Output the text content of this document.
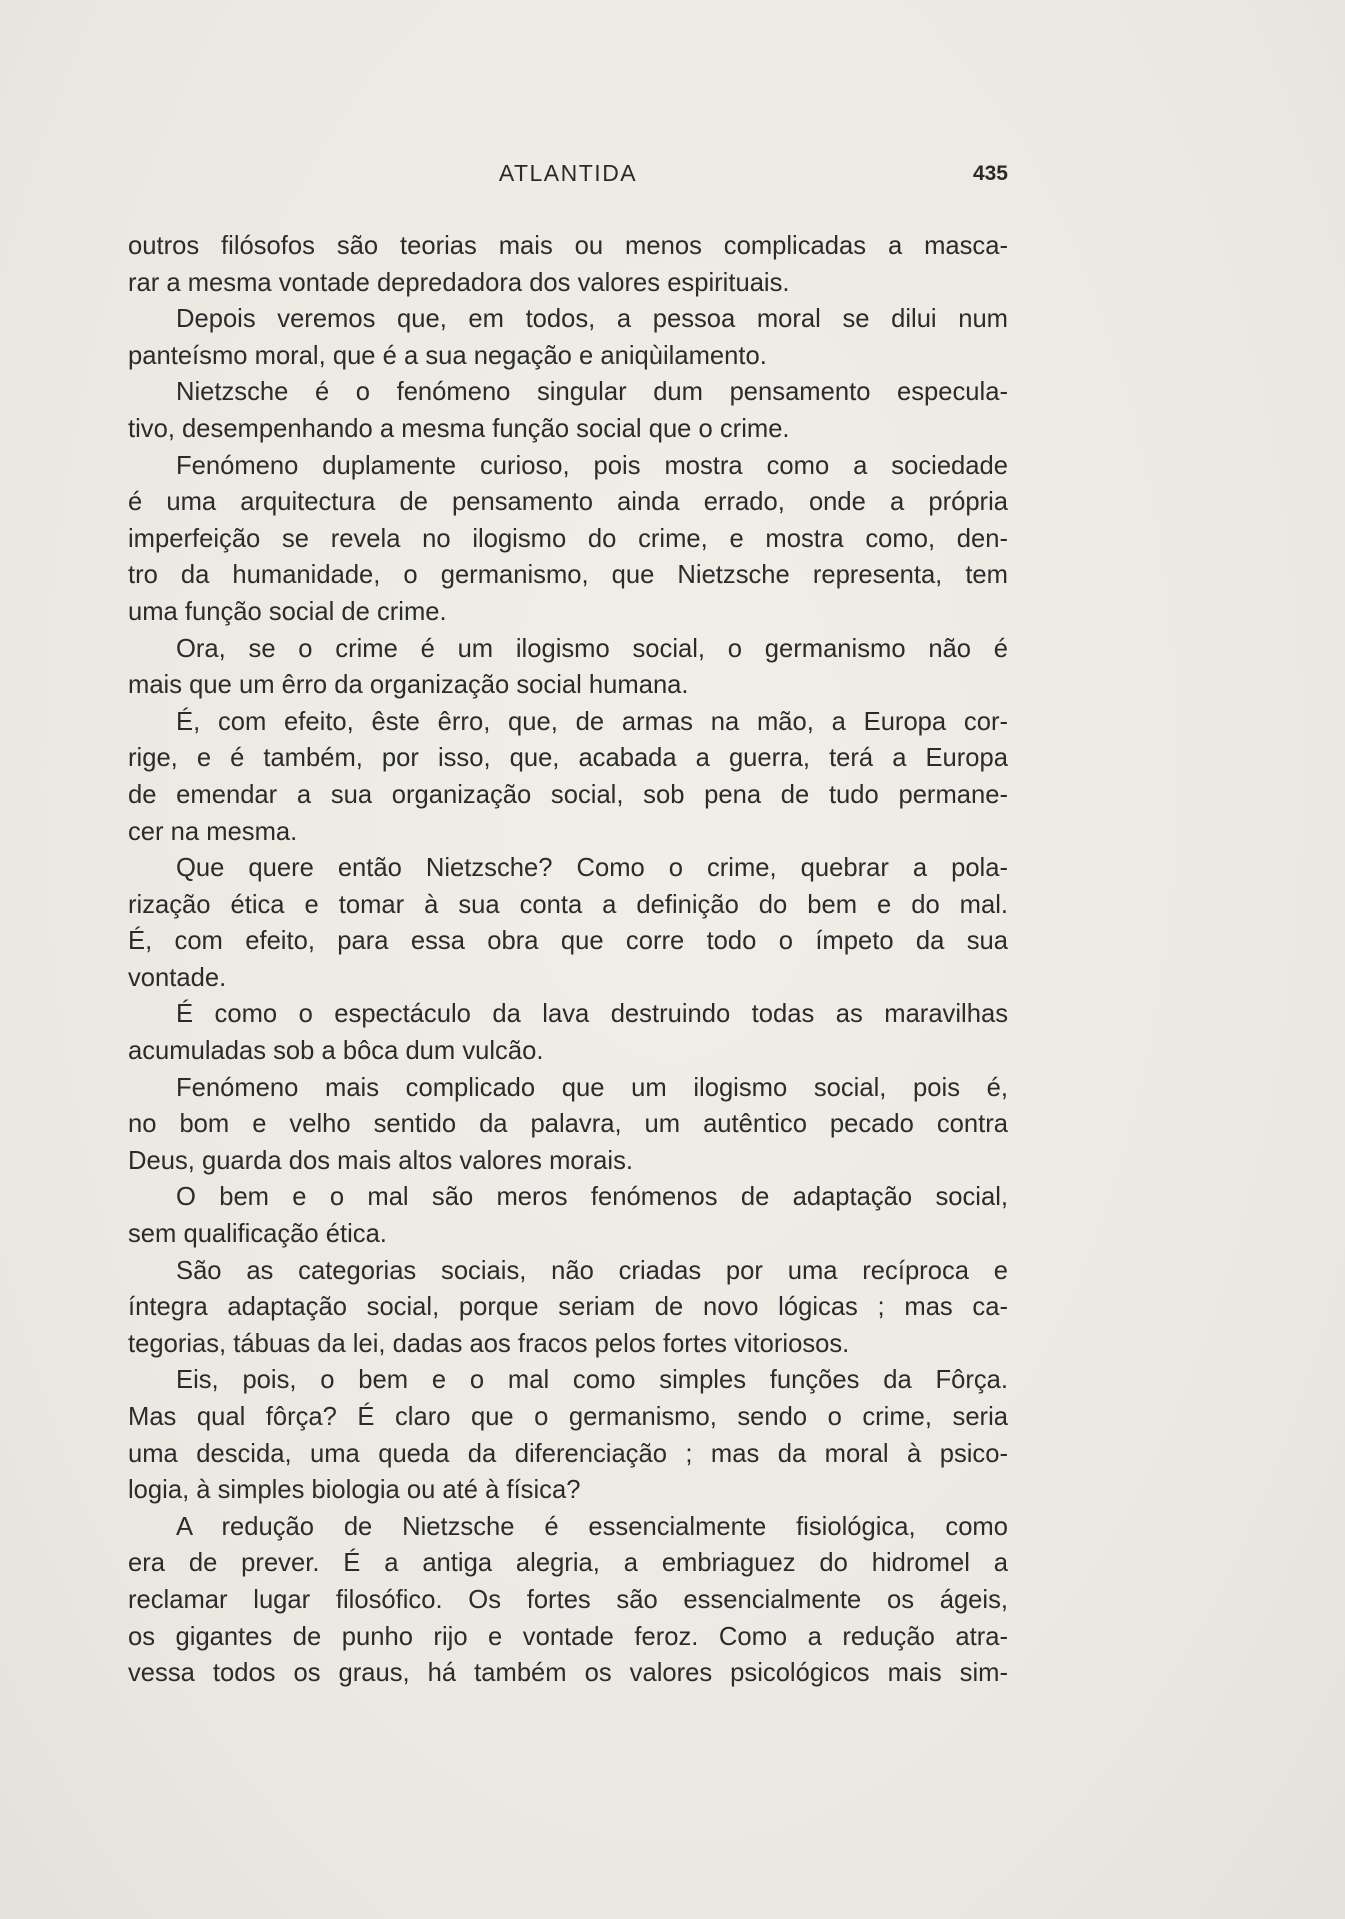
ATLANTIDA	435
outros filósofos são teorias mais ou menos complicadas a masca-
rar a mesma vontade depredadora dos valores espirituais.
Depois veremos que, em todos, a pessoa moral se dilui num
panteísmo moral, que é a sua negação e aniqùilamento.
Nietzsche é o fenómeno singular dum pensamento especula-
tivo, desempenhando a mesma função social que o crime.
Fenómeno duplamente curioso, pois mostra como a sociedade
é uma arquitectura de pensamento ainda errado, onde a própria
imperfeição se revela no ilogismo do crime, e mostra como, den-
tro da humanidade, o germanismo, que Nietzsche representa, tem
uma função social de crime.
Ora, se o crime é um ilogismo social, o germanismo não é
mais que um êrro da organização social humana.
É, com efeito, êste êrro, que, de armas na mão, a Europa cor-
rige, e é também, por isso, que, acabada a guerra, terá a Europa
de emendar a sua organização social, sob pena de tudo permane-
cer na mesma.
Que quere então Nietzsche? Como o crime, quebrar a pola-
rização ética e tomar à sua conta a definição do bem e do mal.
É, com efeito, para essa obra que corre todo o ímpeto da sua
vontade.
É como o espectáculo da lava destruindo todas as maravilhas
acumuladas sob a bôca dum vulcão.
Fenómeno mais complicado que um ilogismo social, pois é,
no bom e velho sentido da palavra, um autêntico pecado contra
Deus, guarda dos mais altos valores morais.
O bem e o mal são meros fenómenos de adaptação social,
sem qualificação ética.
São as categorias sociais, não criadas por uma recíproca e
íntegra adaptação social, porque seriam de novo lógicas ; mas ca-
tegorias, tábuas da lei, dadas aos fracos pelos fortes vitoriosos.
Eis, pois, o bem e o mal como simples funções da Fôrça.
Mas qual fôrça? É claro que o germanismo, sendo o crime, seria
uma descida, uma queda da diferenciação ; mas da moral à psico-
logia, à simples biologia ou até à física?
A redução de Nietzsche é essencialmente fisiológica, como
era de prever. É a antiga alegria, a embriaguez do hidromel a
reclamar lugar filosófico. Os fortes são essencialmente os ágeis,
os gigantes de punho rijo e vontade feroz. Como a redução atra-
vessa todos os graus, há também os valores psicológicos mais sim-
